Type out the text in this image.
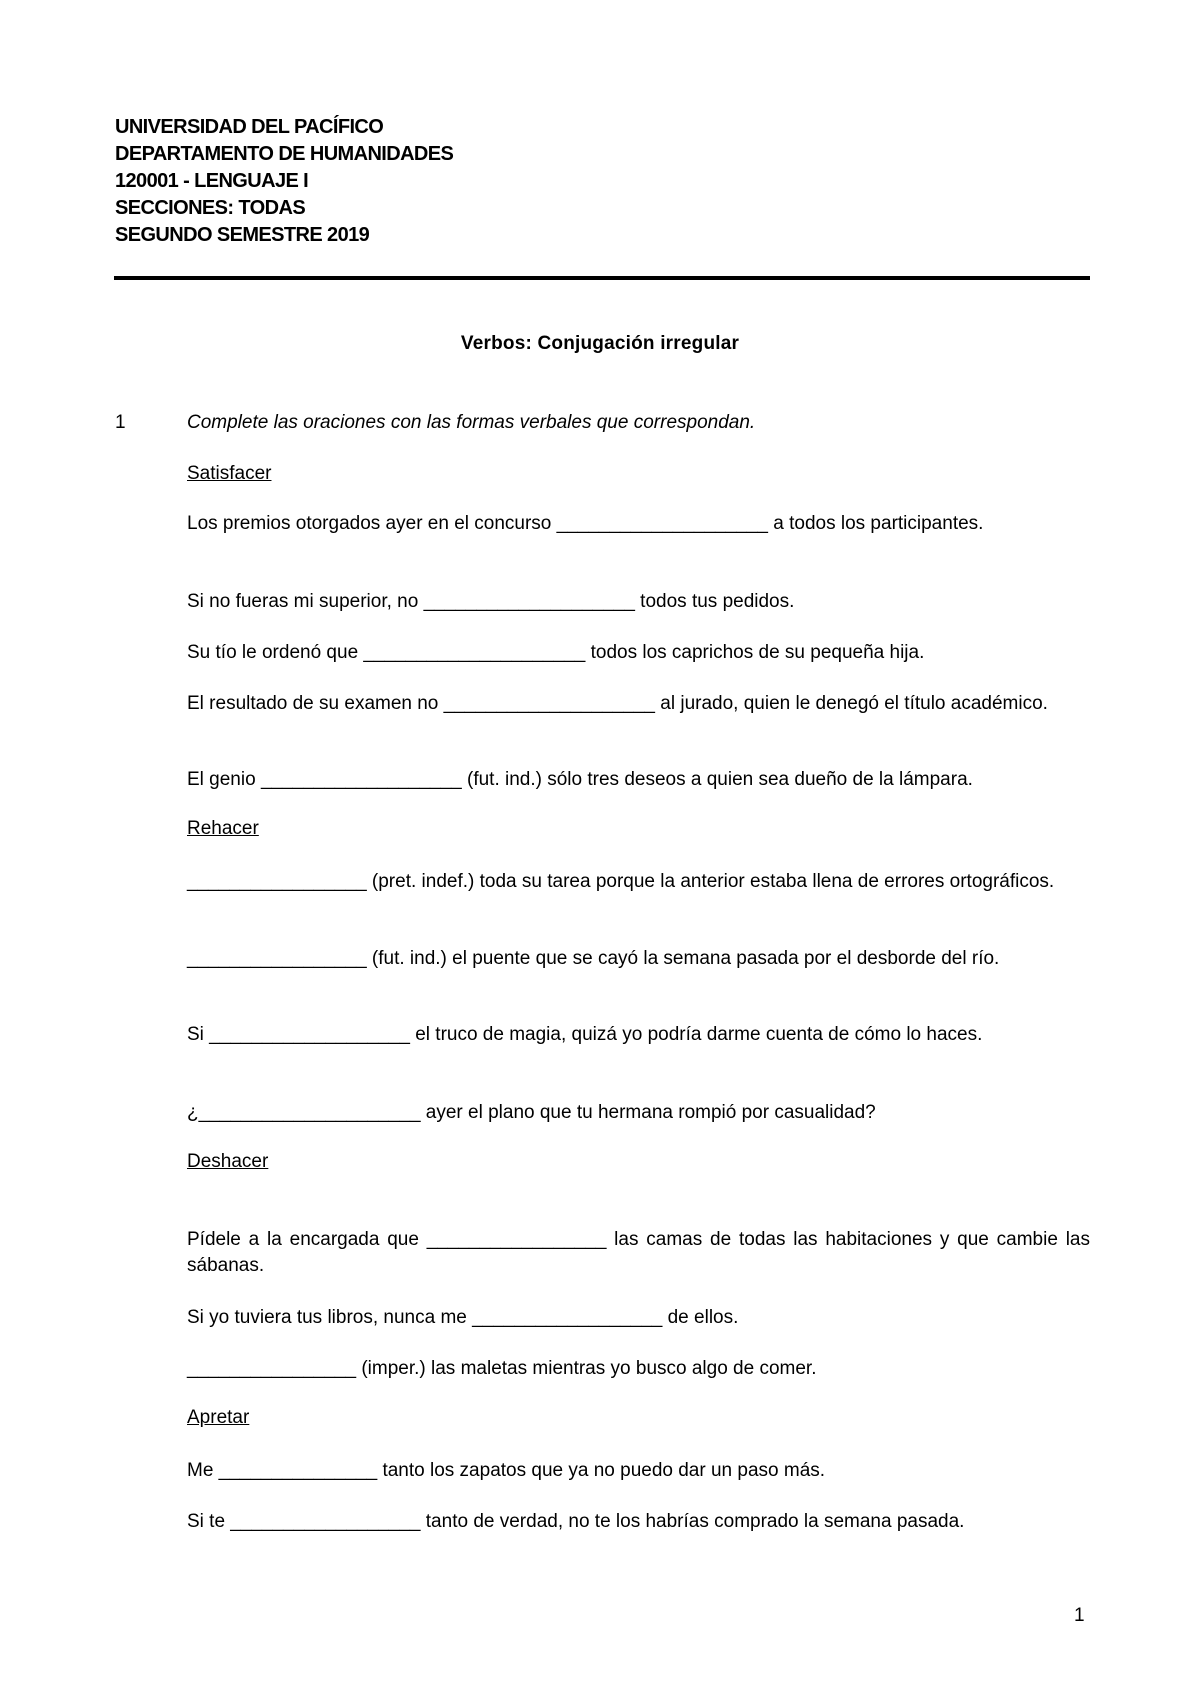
UNIVERSIDAD DEL PACÍFICO
DEPARTAMENTO DE HUMANIDADES
120001 - LENGUAJE I
SECCIONES: TODAS
SEGUNDO SEMESTRE 2019
Verbos: Conjugación irregular
1	Complete las oraciones con las formas verbales que correspondan.
Satisfacer
Los premios otorgados ayer en el concurso ____________________ a todos los participantes.
Si no fueras mi superior, no ____________________ todos tus pedidos.
Su tío le ordenó que _____________________ todos los caprichos de su pequeña hija.
El resultado de su examen no ____________________ al jurado, quien le denegó el título académico.
El genio ___________________ (fut. ind.) sólo tres deseos a quien sea dueño de la lámpara.
Rehacer
_________________ (pret. indef.) toda su tarea porque la anterior estaba llena de errores ortográficos.
_________________ (fut. ind.) el puente que se cayó la semana pasada por el desborde del río.
Si ___________________ el truco de magia, quizá yo podría darme cuenta de cómo lo haces.
¿_____________________ ayer el plano que tu hermana rompió por casualidad?
Deshacer
Pídele a la encargada que _________________ las camas de todas las habitaciones y que cambie las sábanas.
Si yo tuviera tus libros, nunca me __________________ de ellos.
________________ (imper.) las maletas mientras yo busco algo de comer.
Apretar
Me _______________ tanto los zapatos que ya no puedo dar un paso más.
Si te __________________ tanto de verdad, no te los habrías comprado la semana pasada.
1
